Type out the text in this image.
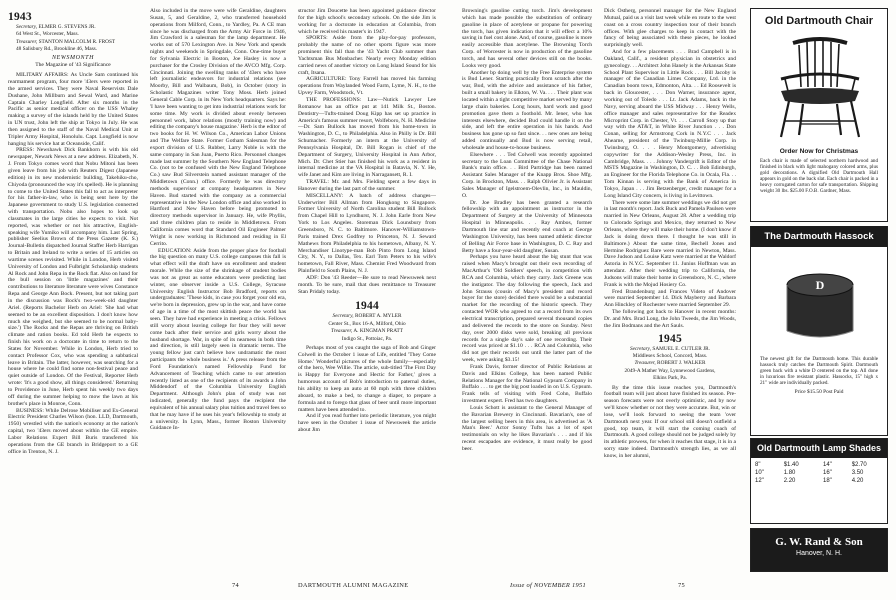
1943
Secretary, ELMER G. STEVENS JR.
64 West St., Worcester, Mass.
Treasurer, STANTON MALCOLM R. FROST
48 Salisbury Rd., Brookline 46, Mass.
NEWSMONTH
The Magazine of '43 Significance

MILITARY AFFAIRS: As Uncle Sam continued his rearmament program, four more '43ers were reported in the armed services. They were Naval Reservists Dale Dushane, John Millburn and Sewal Ward, and Marine Captain Charley Longfield. After six months in the Pacific as senior medical officer on the USS Whaley making a survey of the islands held by the United States in UN trust, John left the ship at Tokyo in July. He was then assigned to the staff of the Naval Medical Unit at Tripler Army Hospital, Honolulu. Capt. Longfield is now hanging his service hat at Oceanside, Calif.

PRESS: Newshawk Dick Bankhorn is with his old newspaper, Newark News at a new address. Elizabeth, N. J. From Tokyo comes word that Nobu Mitoni has been given leave from his job with Reuters Digest (Japanese edition) in its new modernistic building, Takehiku-cho, Chiyoda (pronounced the way it's spelled). He is planning to come to the United States this fall to act as interpreter for his father-in-law, who is being sent here by the Japanese government to study U.S. legislation connected with transportation. Nobu also hopes to look up classmates in the large cities he expects to visit. Not reported, was whether or not his attractive, English-speaking wife Yumiko will accompany him. Last Spring, publisher Seelius Brown of the Press Gazette (K. S.) Journal-Bulletin dispatched Journal Staffer Herb Harrigan to Britain and Ireland to write a series of 15 articles on wartime scenes revisited. While in London, Herb visited University of London and Fulbright Scholarship students Al Rock and John Repa in the Rock flat. Also on hand for the bull session on 'little magazines' and their contributions to literature literature were wives Constance Repa and George Ann Bock. Present, but not taking part in the discussion was Bock's two-week-old daughter Ariel. (Reports Bachelor Herb on Ariel: 'She had what seemed to be an excellent disposition. I don't know how much she weighed, but she seemed to be normal baby-size.') The Rocks and the Repas are thriving on British climate and ration books. Ed told Herb he expects to finish his work on a doctorate in time to return to the States for November. While in London, Herb tried to contact Professor Cox, who was spending a sabbatical leave in Britain. The latter, however, was searching for a house where he could find some non-festival peace and quiet outside of London. Of the Festival, Reporter Herb wrote: 'It's a good show, all things considered.' Returning to Providence in June, Herb spent his weekly two days off during the summer helping to mow the lawn at his brother's place in Monroe, Conn.

BUSINESS: While Delrose Mobiliser and Ex-General Electric President Charles Wilson (hon. LLD, Dartmouth, 1950) wrestled with the nation's economy at the nation's capital, two '43ers moved about within the GE empire. Labor Relations Expert Bill Buris transferred his operations from the GE branch in Bridgeport to a GE office in Trenton, N. J.

Also included in the move were wife Geraldine, daughters Susan, 5, and Geraldine, 2, who transferred household operations from Milford, Conn., to Yardley, Pa. A CE man since he was discharged from the Army Air Force in 1946, Jim Crawford is a salesman for the lamp department. He works out of 570 Lexington Ave. in New York and spends nights and weekends in Springdale, Conn. One-time buyer for Sylvania Electric in Boston, Joe Hasley is now a purchaser for the Crosley Division of the AVCO Mfg. Corp. Cincinnati. Joining the swelling ranks of '43ers who have left journalistic endeavors for industrial relations (see Moorby, Bill and Walbaum, Bob), in October (story in Scholastic Magazines writer Tony Moss. Herb joined General Cable Corp. in its New York headquarters. Says he: 'I have been wanting to get into industrial relations work for some time. My work is divided about evenly between personnel work, labor relations (mostly training now) and editing the company's house magazine.' Herb is the editor of two books for H. W. Wilson Co., American Labor Unions and The Welfare State. Former Gotham Salesman for the export division of U.S. Rubber, Larry Noble is with the same company in San Juan, Puerto Rico. Personnel changes made last summer by the Southern New England Telephone Co. (not to be confused with the New England Telephone Co.) saw Bud Silverstein named assistant manager of the Middletown (Conn.) office. Formerly he was directory methods supervisor at company headquarters in New Haven. Bud started with the company as a commercial representative in the New London office and also worked in Hartford and New Haven before being promoted to directory methods supervisor in January. He, wife Phyllis, and three children plan to reside in Middletown. From California comes word that Standard Oil Engineer Palmer Wright is now working in Richmond and residing in El Cerrito.

EDUCATION: Aside from the proper place for football the big question on many U.S. college campuses this fall is what effect will the draft have on enrollment and student morale. While the size of the shrinkage of student bodies was not as great as some educators were predicting last winter, one observer inside a U.S. College, Syracuse University English Instructor Bob Bradford, reports on undergraduates: 'These kids, in case you forget your old era, we're born in depression, grew up in the war, and have come of age in a time of the most skittish peace the world has seen. They have had experience in meeting a crisis. Fellows still worry about leaving college for fear they will never come back after their service and girls worry about the husband shortage. War, in spite of its nearness in both time and direction, is still largely seen in dramatic terms. The young fellow just can't believe how undramatic the most participants the whole business is.' A press release from the Ford Foundation's named Fellowship Fund for Advancement of Teaching which came to our attention recently listed as one of the recipients of its awards a John Middendorf of the Columbia University English Department. Although John's plan of study was not indicated, generally the fund pays the recipient the equivalent of his annual salary plus tuition and travel fees so that he may have if he uses his year's fellowship to study at a university. In Lynn, Mass., former Boston University Guidance In-

structor Jim Doucette has been appointed guidance director for the high school's secondary schools. On the side Jim is working for a doctorate in education at Columbia, from which he received his master's in 1947.

SPORTS: Aside from the play-for-pay professors, probably the name of no other sports figure was more prominent this fall than the '43 Yacht Club summer than Yachtsman Bus Monbacher. Nearly every Monday edition carried news of another victory on Long Island Sound for his craft, Itsana.

AGRICULTURE: Tony Farrell has moved his farming operations from Waylanded Wood Farm, Lyme, N. H., to the Upvey Farm, Woodstock, Vt.

THE PROFESSIONS: Law—Nutick Lawyer Lee Romanow has an office put at 141 Milk St., Boston. Dentistry—Tufts-trained Doug Kipp has set up practice in America's famous summer resort, Wolfeboro, N. H. Medicine—Dr. Sam Bullock has moved from his home-town in Washington, D. C., to Philadelphia. Also in Philly is Dr. Bill Schumacher. Formerly an intern at the University of Pennsylvania Hospital, Dr. Bill Rogan is chief of the Department of Surgery, University Hospital in Ann Arbor, Mich. Dr. Chet Stier has finished his work as a resident in internal medicine at the VA Hospital in Batavia, N. Y. He, wife Janet and Kim are living in Narragansett, R. I.

TRAVEL: Mr. and Mrs. Fielding spent a few days in Hanover during the last part of the summer.

MISCELLANY: A batch of address changes—Underwriter Bill Allman from Hongkong to Singapore. Former University of North Carolina student Bill Bullock from Chapel Hill to Lyndhurst, N. J. John Earle from New York to Los Angeles. Storeman Dick Lounsbury from Greensboro, N. C. to Baltimore. Hanover-Williamstown-Paris trained Drex Godfrey to Princeton, N. J. Seward Mathews from Philadelphia to his hometown, Albany, N. Y. Merchandiser Linotype-man Bob Pinto from Long Island City, N. Y., to Dallas, Tex. Earl Tom Peters to his wife's hometown, Fall River, Mass. Chemist Fred Woodward from Plainfield to South Plains, N. J.

ADF: Don '43 Reeder—Be sure to read Newsweek next month. To be sure, mail that dues remittance to Treasurer Stan Pridaly today.

1944
Secretary, ROBERT A. MYLER
Center St., Box 16-A, Milford, Ohio
Treasurer, A. KINGMAN PRATT
Indigo St., Pottoiac, Pa.

Perhaps most of you caught the saga of Bob and Ginger Colwell in the October 1 issue of Life, entitled 'They Come Home.' Wonderful pictures of the whole family—especially of the hero, Wee Willie. The article, sub-titled 'The First Day is Happy for Everyone and Hectic for Father,' gives a humorous account of Bob's introduction to paternal duties, his ability to keep an auto at 60 mph with three children aboard, to make a bed, to change a diaper, to prepare a formula and to forego that glass of beer until more important matters have been attended to.

And if you read further into periodic literature, you might have seen in the October 1 issue of Newsweek the article about Jim

74	DARTMOUTH ALUMNI MAGAZINE

Browning's gasoline cutting torch. Jim's development which has made possible the substitution of ordinary gasoline in place of acetylene or propane for powering the torch, has given indication that it will effect a 10% saving in fuel cost alone. And, of course, gasoline is more easily accessible than acetylene. The Browning Torch Corp. of Worcester is now in production of the gasoline torch, and has several other devices still on the books. Looks very good.

Another bp doing well by the Free Enterprise system is Bud Lener. Starting practically from scratch after the war, Bud, with the advice and assistance of his father, built a small bakery in Elkton, W. Va. . . . Their plant was located within a tight competitive market served by many large chain bakeries. Long hours, hard work and good promotion gave them a foothold. Mr. Iener, who has interests elsewhere, decided Bud could handle it on the side, and left the entire operation in his hands. And business has gone up so fast since. . . new ones are being added continually and Bud is now serving retail, wholesale and house-to-house business.

Elsewhere . . . Ted Colwell was recently appointed secretary to the Loan Committee of the Chase National Bank's main office. . . Bird Partridge has been named Assistant Sales Manager of the Knapp Bros. Shoe Mfg. Corp. in Brockton, Mass. . . Ralph Olivier Jr. is Assistant Sales Manager of Igelstroem-Olevlin, Inc., in Mauldin, O.

Dr. Joe Bradley has been granted a research fellowship with an appointment as instructor in the Department of Surgery at the University of Minnesota Hospital in Minneapolis. . . Ray Ambos, former Dartmouth line star and recently end coach at George Washington University, has been named athletic director of Belling Air Force base in Washington, D. C. Ray and Betty have a four-year-old daughter, Susan.

Perhaps you have heard about the big stunt that was raised when Macy's brought out their own recording of MacArthur's 'Old Soldiers' speech, in competition with RCA and Columbia, which they carry. Jack Greene was the instigator. The day following the speech, Jack and John Strauss (cousin of Macy's president and record buyer for the store) decided there would be a substantial market for the recording of the historic speech. They contacted WOR who agreed to cut a record from its own electrical transcription, prepared several thousand copies and delivered the records to the store on Sunday. Next day, over 2000 disks were sold, breaking all previous records for a single day's sale of one recording. Their record was priced at $1.10 . . . RCA and Columbia, who did not get their records out until the latter part of the week, were asking $3.15!

Frank Davis, former director of Public Relations at Davis and Elkins College, has been named Public Relations Manager for the National Gypsum Company in Buffalo . . . to get the big post loaded in on U.S. Gypsum. Frank tells of visiting with Fred Cohn, Buffalo investment expert. Fred has two daughters.

Louis Schott is assistant to the General Manager of the Bavarian Brewery in Cincinnati. Bavarian's, one of the largest selling beers in this area, is advertised as 'A Man's Beer.' Actor Sonny Tufts has a lot of spot testimonials on why he likes Bavarian's . . . and if his recent escapades are evidence, it must really be good beer.

Dick Ostherg, personnel manager for the New England Mutual, paid us a visit last week while en route to the west coast on a cross country inspection tour of their branch offices. With glee charges to keep in contact with the fancy of being associated with these pieces, he looked surprisingly well.

And for a few placements . . . Brad Campbell is in Oakland, Calif., a resident physician in obstetrics and gynecology. . . Architect John Hanely is the Arkansas State School Plant Supervisor in Little Rock . . . Bill Jacoby is manager of the Canadian Limes Company, Ltd. in the Canadian boom town, Edmonton, Alta. . . Ed Roosevelt is back in Gloucester, . . . Don Warner, insurance agent, working out of Toledo . . . Lt. Jack Adams, back in the Navy, serving aboard the USS Midway . . . Henry Wells, office manager and sales representative for the Readex Microprint Corp. in Chester, Vt. . . . Carroll Story up that way with the AT&T, in White River Junction . . . Don Conan, selling for Armstrong Cork in N.Y.C . . . Jack Ahearne, president of the Twinburg-Millie Corp. in Twinsburg, O. . . . Henry Montgomery, advertising copywriter for the Addison-Wesley Press, Inc. in Cambridge, Mass. . . . Johnny Vandergrift is Editor of the MSTS Magazine in Washington, D. C. . . Bob Edinburgh, an Engineer for the Florida Telephone Co. in Ocala, Fla. . . Tom Kinnan is serving with the Bank of America in Tokyo, Japan . . . Jim Betzenberger, credit manager for a Long Island City concern, is living in Levittown.

There were some late summer weddings we did not get in last month's report. Jack Buck and Pamela Paulsen were married in New Orleans, August 28. After a wedding trip to Colorado Springs and Mexico, they returned to New Orleans, where they will make their home. (I don't know if Jack is doing down there. I thought he was still in Baltimore.) About the same time, Bechell Jones and Hermine Rodriguez Bare were married in Newton, Mass. Dave Judson and Louise Katz were married at the Waldorf Astoria in N.Y.C. September 11. Junius Hoffman was an attendant. After their wedding trip to California, the Judsons will make their home in Greensboro, N. C., where Frank is with the Mojud Hosiery Co.

Fred Brandenburg and Frances Videto of Andover were married September 14. Dick Mayberry and Barbara Ann Hinckley of Rochester were married September 29.

The following got back to Hanover in recent months: Dr. and Mrs. Brad Long, the John Tweeds, the Jim Woods, the Jim Bodmans and the Art Sauls.

1945
Secretary, SAMUEL E. CUTLER JR.
Middlesex School, Concord, Mass.
Treasurer, ROBERT J. WALKER
2049-A Mather Way, Lynnewood Gardens,
Elkins Park, Pa.

By the time this issue reaches you, Dartmouth's football team will just about have finished its season. Pre-season forecasts were not overly optimistic, and by now we'll know whether or not they were accurate. But, win or lose, we'll look forward to seeing the team 'over Dartmouth next year. If our school still doesn't outfield a good, top team, it will start the coming coach of Dartmouth. A good college should not be judged solely by its athletic prowess, for when it reaches that stage, it is in a sorry state indeed. Dartmouth's strength lies, as we all know, in her alumni,

Old Dartmouth Chair
Order Now for Christmas

Each chair is made of selected northern hardwood and finished in black with light mahogany colored arms, plus gold decorations. A dignified Old Dartmouth Hall appears in gold on the back slat. Each chair is packed in a heavy corrugated carton for safe transportation. Shipping weight 30 lbs. $25.00 F.O.B. Gardner, Mass.

The Dartmouth Hassock
D

The newest gift for the Dartmouth home. This durable hassock truly catches the Dartmouth Spirit. Dartmouth green back with a white D centered on the top. All done in luxurious fire resistant plastic. Hassocks, 15" high x 21" wide are individually packed.

Price $15.50 Post Paid
Old Dartmouth Lamp Shades
8"	$1.40	14"	$2.70
10"	1.80	16"	3.50
12"	2.20	18"	4.20
G. W. Rand & Son
Hanover, N. H.
Issue of NOVEMBER 1951	75
